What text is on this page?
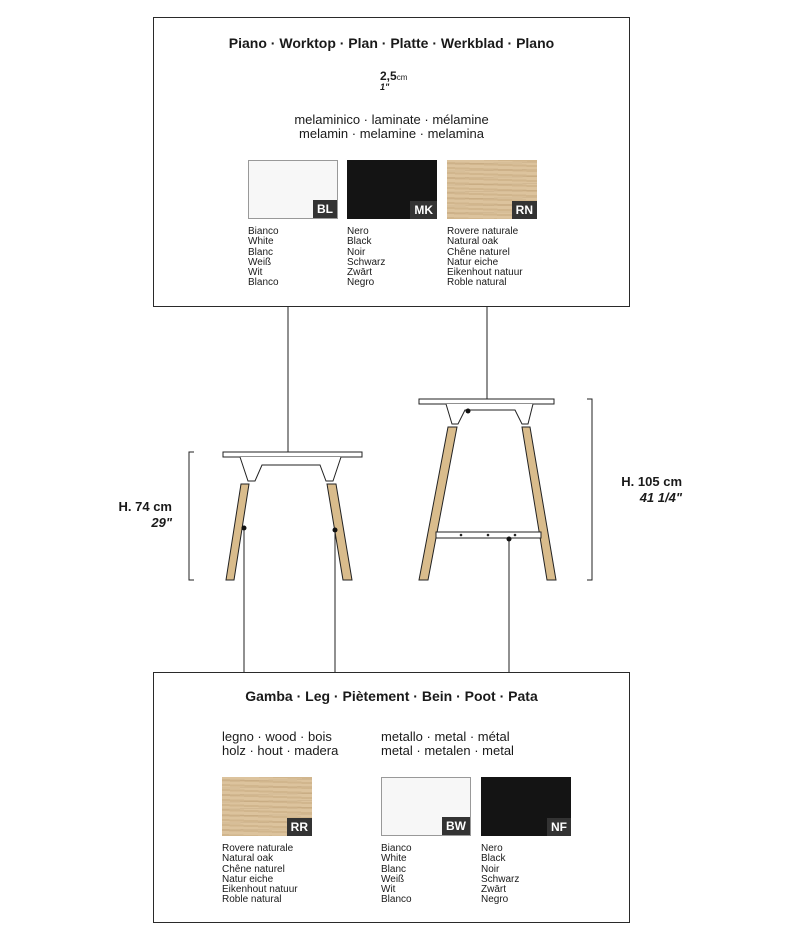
Piano · Worktop · Plan · Platte · Werkblad · Plano
2,5cm
1"
melaminico · laminate · mélamine
melamin · melamine · melamina
BL	MK	RN
Bianco
White
Blanc
Weiß
Wit
Blanco
Nero
Black
Noir
Schwarz
Zwārt
Negro
Rovere naturale
Natural oak
Chêne naturel
Natur eiche
Eikenhout natuur
Roble natural
H. 74 cm
29"
H. 105 cm
41 1/4"
Gamba · Leg · Piètement · Bein · Poot · Pata
legno · wood · bois
holz · hout · madera
metallo · metal · métal
metal · metalen · metal
RR	BW	NF
Rovere naturale
Natural oak
Chêne naturel
Natur eiche
Eikenhout natuur
Roble natural
Bianco
White
Blanc
Weiß
Wit
Blanco
Nero
Black
Noir
Schwarz
Zwārt
Negro
